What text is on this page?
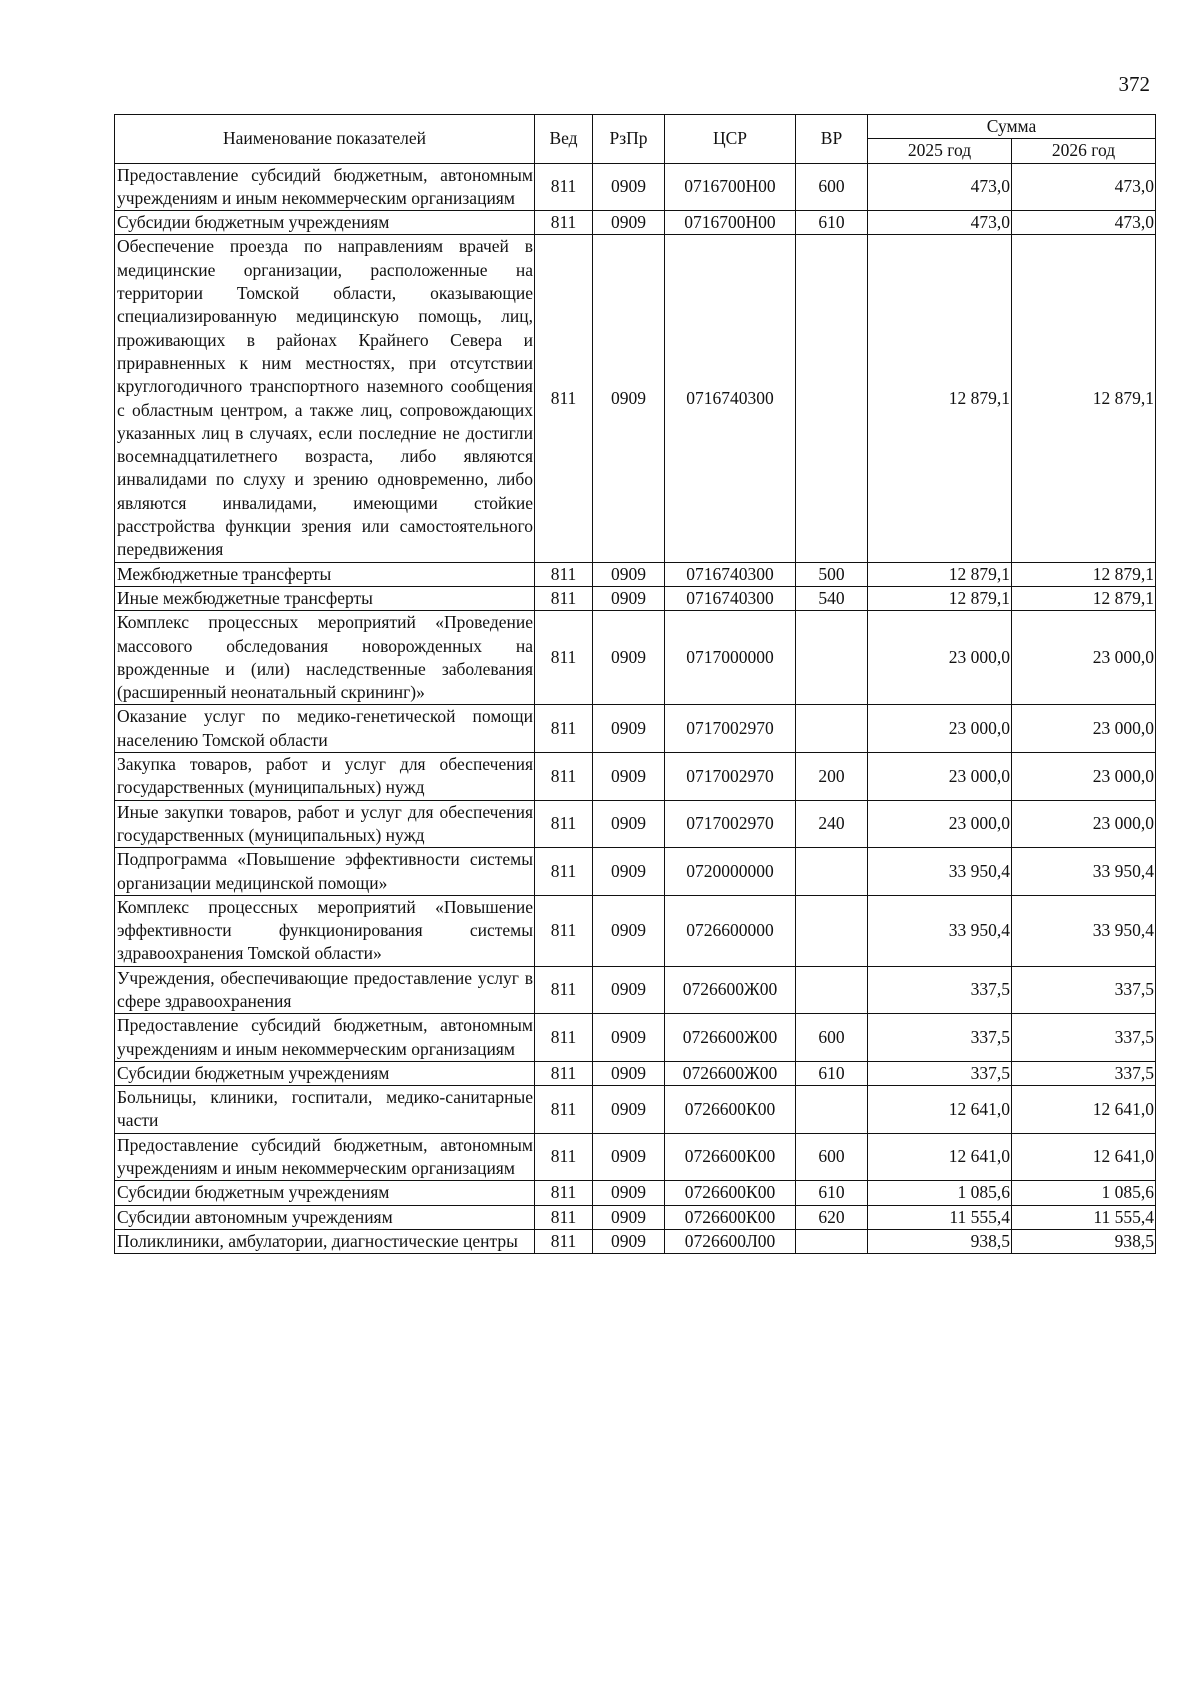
372
Наименование показателей	Вед	РзПр	ЦСР	ВР	Сумма	
					2025 год	2026 год
Предоставление субсидий бюджетным, автономным учреждениям и иным некоммерческим организациям	811	0909	0716700Н00	600	473,0	473,0
Субсидии бюджетным учреждениям	811	0909	0716700Н00	610	473,0	473,0
Обеспечение проезда по направлениям врачей в медицинские организации, расположенные на территории Томской области, оказывающие специализированную медицинскую помощь, лиц, проживающих в районах Крайнего Севера и приравненных к ним местностях, при отсутствии круглогодичного транспортного наземного сообщения с областным центром, а также лиц, сопровождающих указанных лиц в случаях, если последние не достигли восемнадцатилетнего возраста, либо являются инвалидами по слуху и зрению одновременно, либо являются инвалидами, имеющими стойкие расстройства функции зрения или самостоятельного передвижения	811	0909	0716740300		12 879,1	12 879,1
Межбюджетные трансферты	811	0909	0716740300	500	12 879,1	12 879,1
Иные межбюджетные трансферты	811	0909	0716740300	540	12 879,1	12 879,1
Комплекс процессных мероприятий «Проведение массового обследования новорожденных на врожденные и (или) наследственные заболевания (расширенный неонатальный скрининг)»	811	0909	0717000000		23 000,0	23 000,0
Оказание услуг по медико-генетической помощи населению Томской области	811	0909	0717002970		23 000,0	23 000,0
Закупка товаров, работ и услуг для обеспечения государственных (муниципальных) нужд	811	0909	0717002970	200	23 000,0	23 000,0
Иные закупки товаров, работ и услуг для обеспечения государственных (муниципальных) нужд	811	0909	0717002970	240	23 000,0	23 000,0
Подпрограмма «Повышение эффективности системы организации медицинской помощи»	811	0909	0720000000		33 950,4	33 950,4
Комплекс процессных мероприятий «Повышение эффективности функционирования системы здравоохранения Томской области»	811	0909	0726600000		33 950,4	33 950,4
Учреждения, обеспечивающие предоставление услуг в сфере здравоохранения	811	0909	0726600Ж00		337,5	337,5
Предоставление субсидий бюджетным, автономным учреждениям и иным некоммерческим организациям	811	0909	0726600Ж00	600	337,5	337,5
Субсидии бюджетным учреждениям	811	0909	0726600Ж00	610	337,5	337,5
Больницы, клиники, госпитали, медико-санитарные части	811	0909	0726600К00		12 641,0	12 641,0
Предоставление субсидий бюджетным, автономным учреждениям и иным некоммерческим организациям	811	0909	0726600К00	600	12 641,0	12 641,0
Субсидии бюджетным учреждениям	811	0909	0726600К00	610	1 085,6	1 085,6
Субсидии автономным учреждениям	811	0909	0726600К00	620	11 555,4	11 555,4
Поликлиники, амбулатории, диагностические центры	811	0909	0726600Л00		938,5	938,5
